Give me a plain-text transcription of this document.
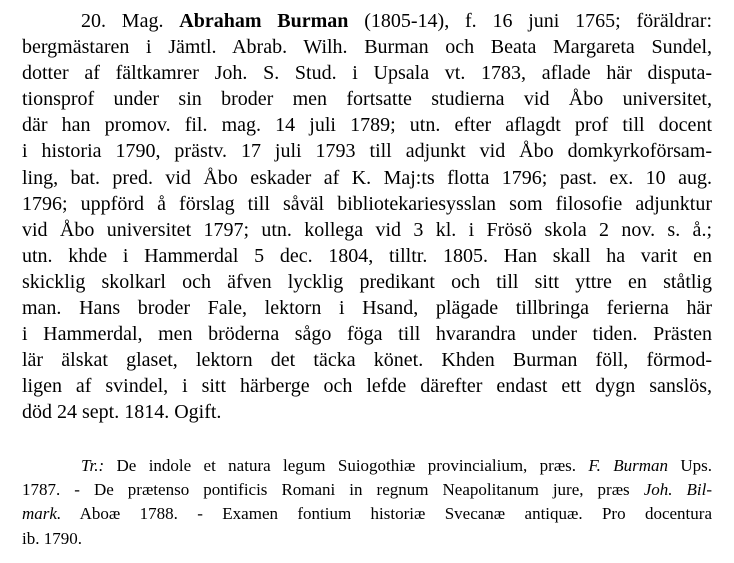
20. Mag. Abraham Burman (1805-14), f. 16 juni 1765; föräldrar:
bergmästaren i Jämtl. Abrab. Wilh. Burman och Beata Margareta Sundel,
dotter af fältkamrer Joh. S. Stud. i Upsala vt. 1783, aflade här disputa-
tionsprof under sin broder men fortsatte studierna vid Åbo universitet,
där han promov. fil. mag. 14 juli 1789; utn. efter aflagdt prof till docent
i historia 1790, prästv. 17 juli 1793 till adjunkt vid Åbo domkyrkoförsam-
ling, bat. pred. vid Åbo eskader af K. Maj:ts flotta 1796; past. ex. 10 aug.
1796; uppförd å förslag till såväl bibliotekariesysslan som filosofie adjunktur
vid Åbo universitet 1797; utn. kollega vid 3 kl. i Frösö skola 2 nov. s. å.;
utn. khde i Hammerdal 5 dec. 1804, tilltr. 1805. Han skall ha varit en
skicklig skolkarl och äfven lycklig predikant och till sitt yttre en ståtlig
man. Hans broder Fale, lektorn i Hsand, plägade tillbringa ferierna här
i Hammerdal, men bröderna sågo föga till hvarandra under tiden. Prästen
lär älskat glaset, lektorn det täcka könet. Khden Burman föll, förmod-
ligen af svindel, i sitt härberge och lefde därefter endast ett dygn sanslös,
död 24 sept. 1814. Ogift.
Tr.: De indole et natura legum Suiogothiæ provincialium, præs. F. Burman Ups.
1787. - De prætenso pontificis Romani in regnum Neapolitanum jure, præs Joh. Bil-
mark. Aboæ 1788. - Examen fontium historiæ Svecanæ antiquæ. Pro docentura
ib. 1790.
